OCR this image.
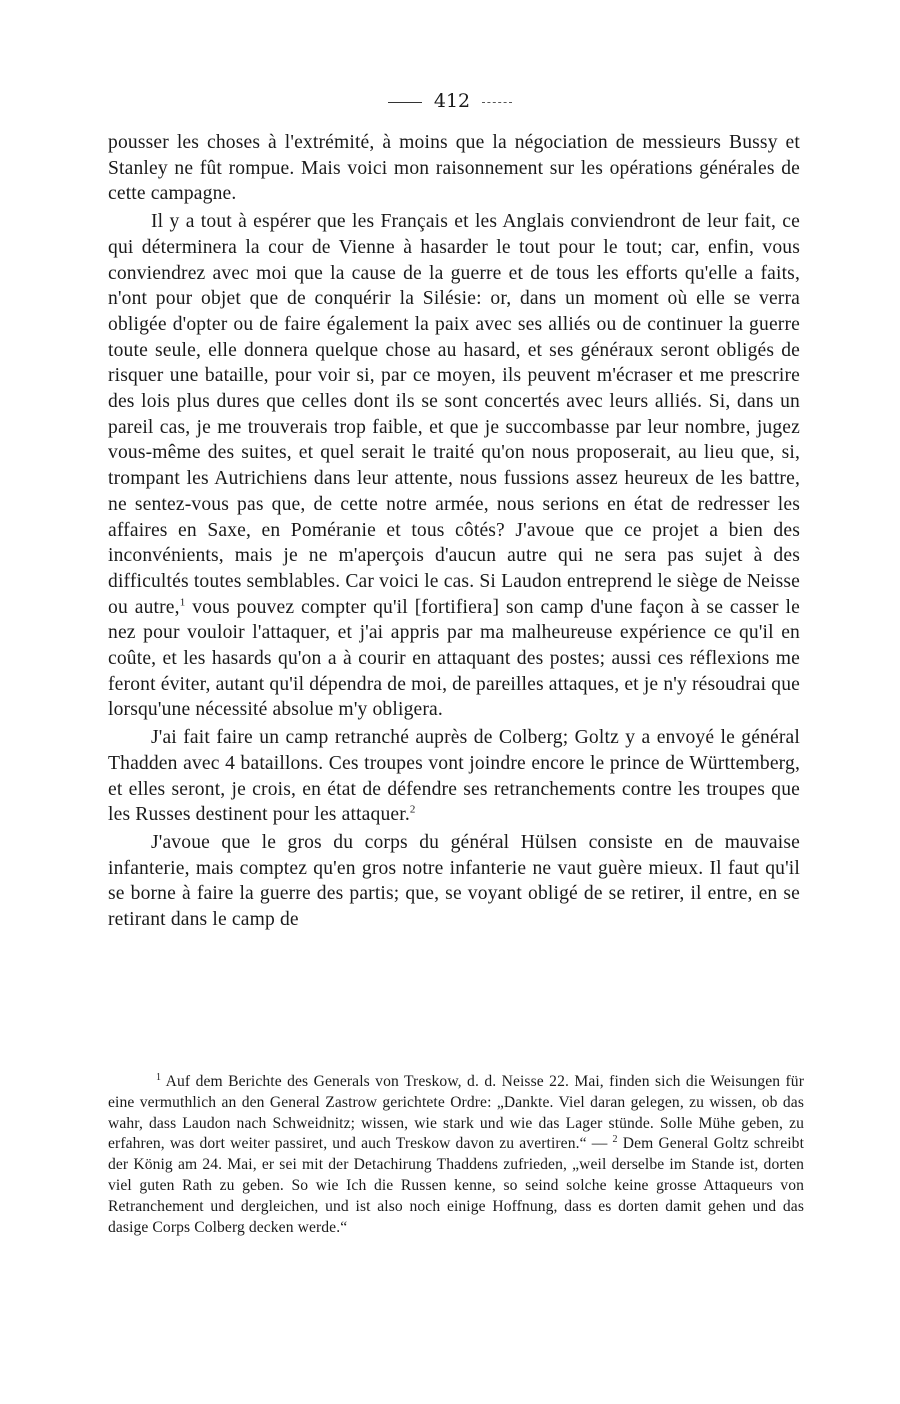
412

pousser les choses à l'extrémité, à moins que la négociation de messieurs Bussy et Stanley ne fût rompue. Mais voici mon raisonnement sur les opérations générales de cette campagne.

Il y a tout à espérer que les Français et les Anglais conviendront de leur fait, ce qui déterminera la cour de Vienne à hasarder le tout pour le tout; car, enfin, vous conviendrez avec moi que la cause de la guerre et de tous les efforts qu'elle a faits, n'ont pour objet que de conquérir la Silésie: or, dans un moment où elle se verra obligée d'opter ou de faire également la paix avec ses alliés ou de continuer la guerre toute seule, elle donnera quelque chose au hasard, et ses généraux seront obligés de risquer une bataille, pour voir si, par ce moyen, ils peuvent m'écraser et me prescrire des lois plus dures que celles dont ils se sont concertés avec leurs alliés. Si, dans un pareil cas, je me trouverais trop faible, et que je succombasse par leur nombre, jugez vous-même des suites, et quel serait le traité qu'on nous proposerait, au lieu que, si, trompant les Autrichiens dans leur attente, nous fussions assez heureux de les battre, ne sentez-vous pas que, de cette notre armée, nous serions en état de redresser les affaires en Saxe, en Poméranie et tous côtés? J'avoue que ce projet a bien des inconvénients, mais je ne m'aperçois d'aucun autre qui ne sera pas sujet à des difficultés toutes semblables. Car voici le cas. Si Laudon entreprend le siège de Neisse ou autre,$^1$ vous pouvez compter qu'il [fortifiera] son camp d'une façon à se casser le nez pour vouloir l'attaquer, et j'ai appris par ma malheureuse expérience ce qu'il en coûte, et les hasards qu'on a à courir en attaquant des postes; aussi ces réflexions me feront éviter, autant qu'il dépendra de moi, de pareilles attaques, et je n'y résoudrai que lorsqu'une nécessité absolue m'y obligera.

J'ai fait faire un camp retranché auprès de Colberg; Goltz y a envoyé le général Thadden avec 4 bataillons. Ces troupes vont joindre encore le prince de Württemberg, et elles seront, je crois, en état de défendre ses retranchements contre les troupes que les Russes destinent pour les attaquer.$^2$

J'avoue que le gros du corps du général Hülsen consiste en de mauvaise infanterie, mais comptez qu'en gros notre infanterie ne vaut guère mieux. Il faut qu'il se borne à faire la guerre des partis; que, se voyant obligé de se retirer, il entre, en se retirant dans le camp de

$^1$ Auf dem Berichte des Generals von Treskow, d. d. Neisse 22. Mai, finden sich die Weisungen für eine vermuthlich an den General Zastrow gerichtete Ordre: „Dankte. Viel daran gelegen, zu wissen, ob das wahr, dass Laudon nach Schweidnitz; wissen, wie stark und wie das Lager stünde. Solle Mühe geben, zu erfahren, was dort weiter passiret, und auch Treskow davon zu avertiren.“ — $^2$ Dem General Goltz schreibt der König am 24. Mai, er sei mit der Detachirung Thaddens zufrieden, „weil derselbe im Stande ist, dorten viel guten Rath zu geben. So wie Ich die Russen kenne, so seind solche keine grosse Attaqueurs von Retranchement und dergleichen, und ist also noch einige Hoffnung, dass es dorten damit gehen und das dasige Corps Colberg decken werde.“
